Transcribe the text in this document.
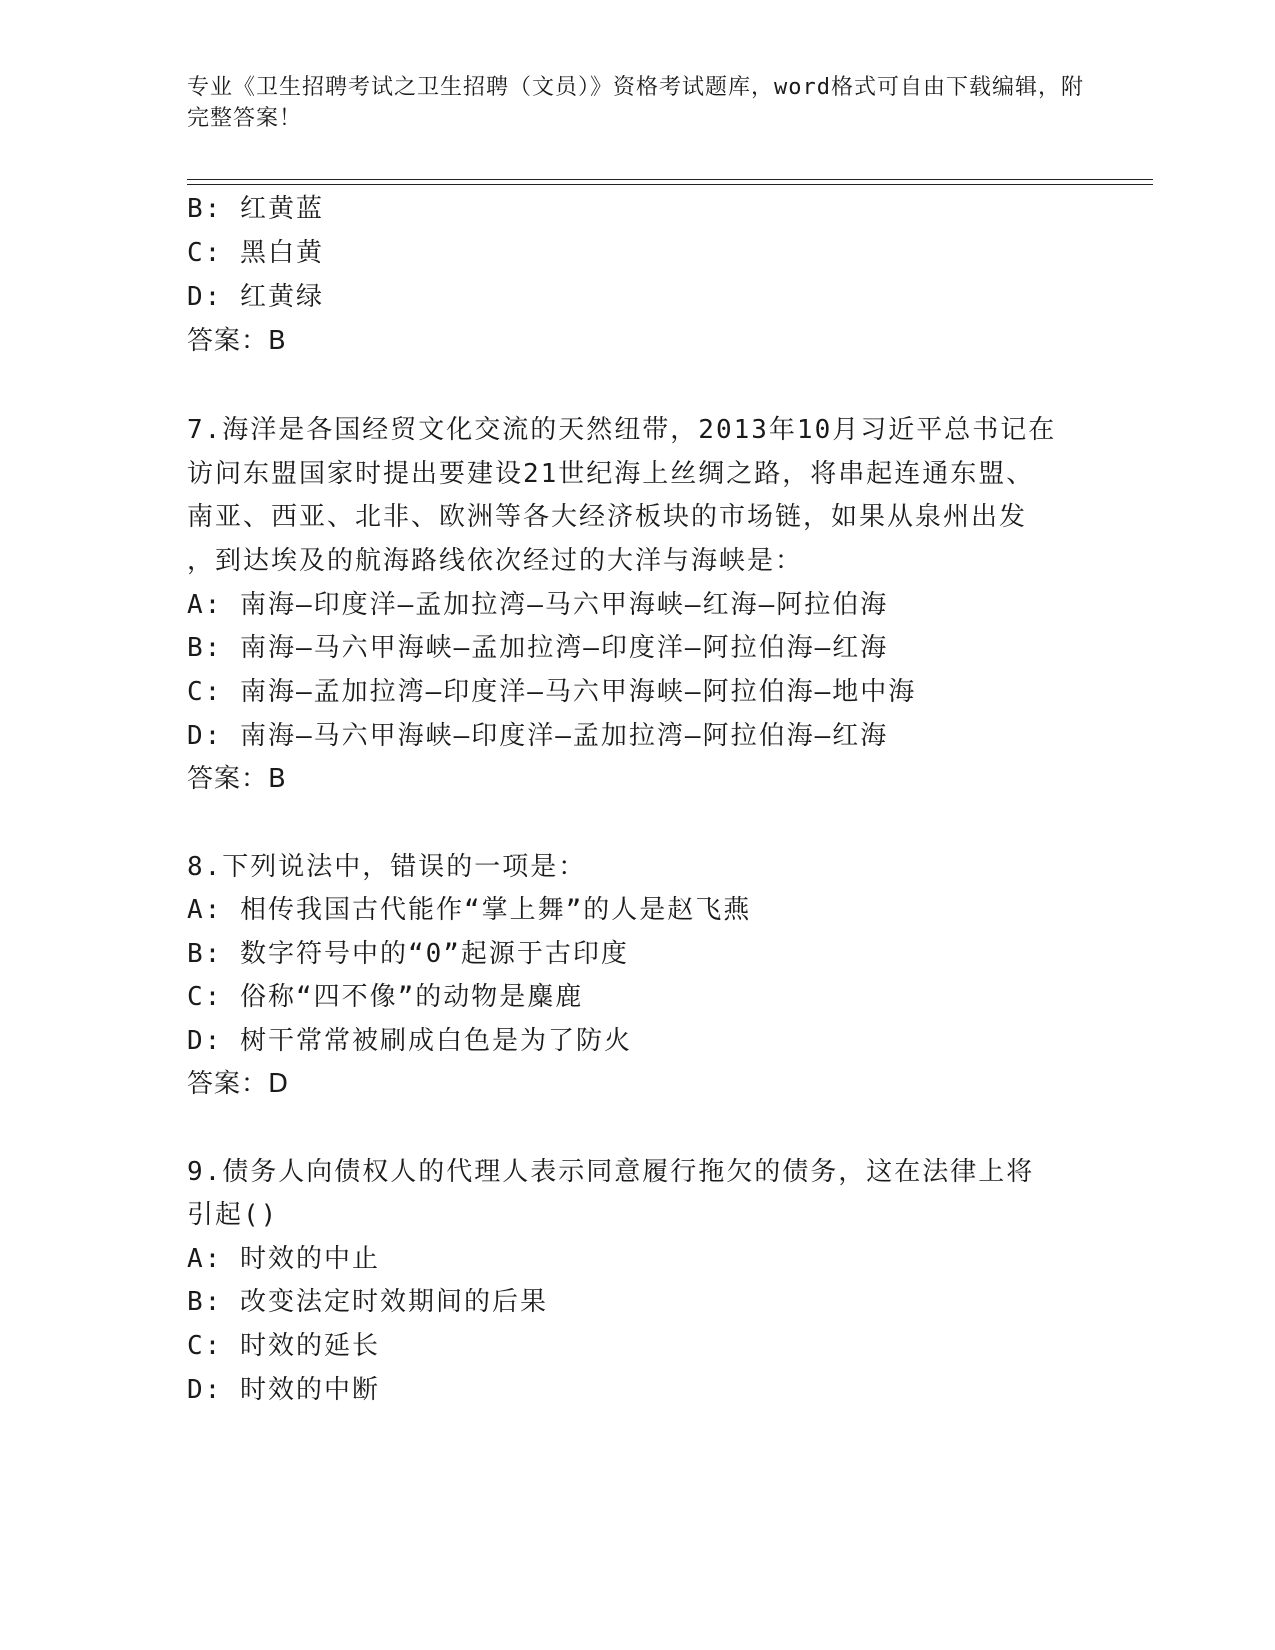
专业《卫生招聘考试之卫生招聘（文员）》资格考试题库，word格式可自由下载编辑，附完整答案！
B: 红黄蓝
C: 黑白黄
D: 红黄绿
答案：B
7.海洋是各国经贸文化交流的天然纽带，2013年10月习近平总书记在
访问东盟国家时提出要建设21世纪海上丝绸之路，将串起连通东盟、
南亚、西亚、北非、欧洲等各大经济板块的市场链，如果从泉州出发
，到达埃及的航海路线依次经过的大洋与海峡是：
A: 南海—印度洋—孟加拉湾—马六甲海峡—红海—阿拉伯海
B: 南海—马六甲海峡—孟加拉湾—印度洋—阿拉伯海—红海
C: 南海—孟加拉湾—印度洋—马六甲海峡—阿拉伯海—地中海
D: 南海—马六甲海峡—印度洋—孟加拉湾—阿拉伯海—红海
答案：B
8.下列说法中，错误的一项是：
A: 相传我国古代能作“掌上舞”的人是赵飞燕
B: 数字符号中的“0”起源于古印度
C: 俗称“四不像”的动物是麋鹿
D: 树干常常被刷成白色是为了防火
答案：D
9.债务人向债权人的代理人表示同意履行拖欠的债务，这在法律上将
引起()
A: 时效的中止
B: 改变法定时效期间的后果
C: 时效的延长
D: 时效的中断
